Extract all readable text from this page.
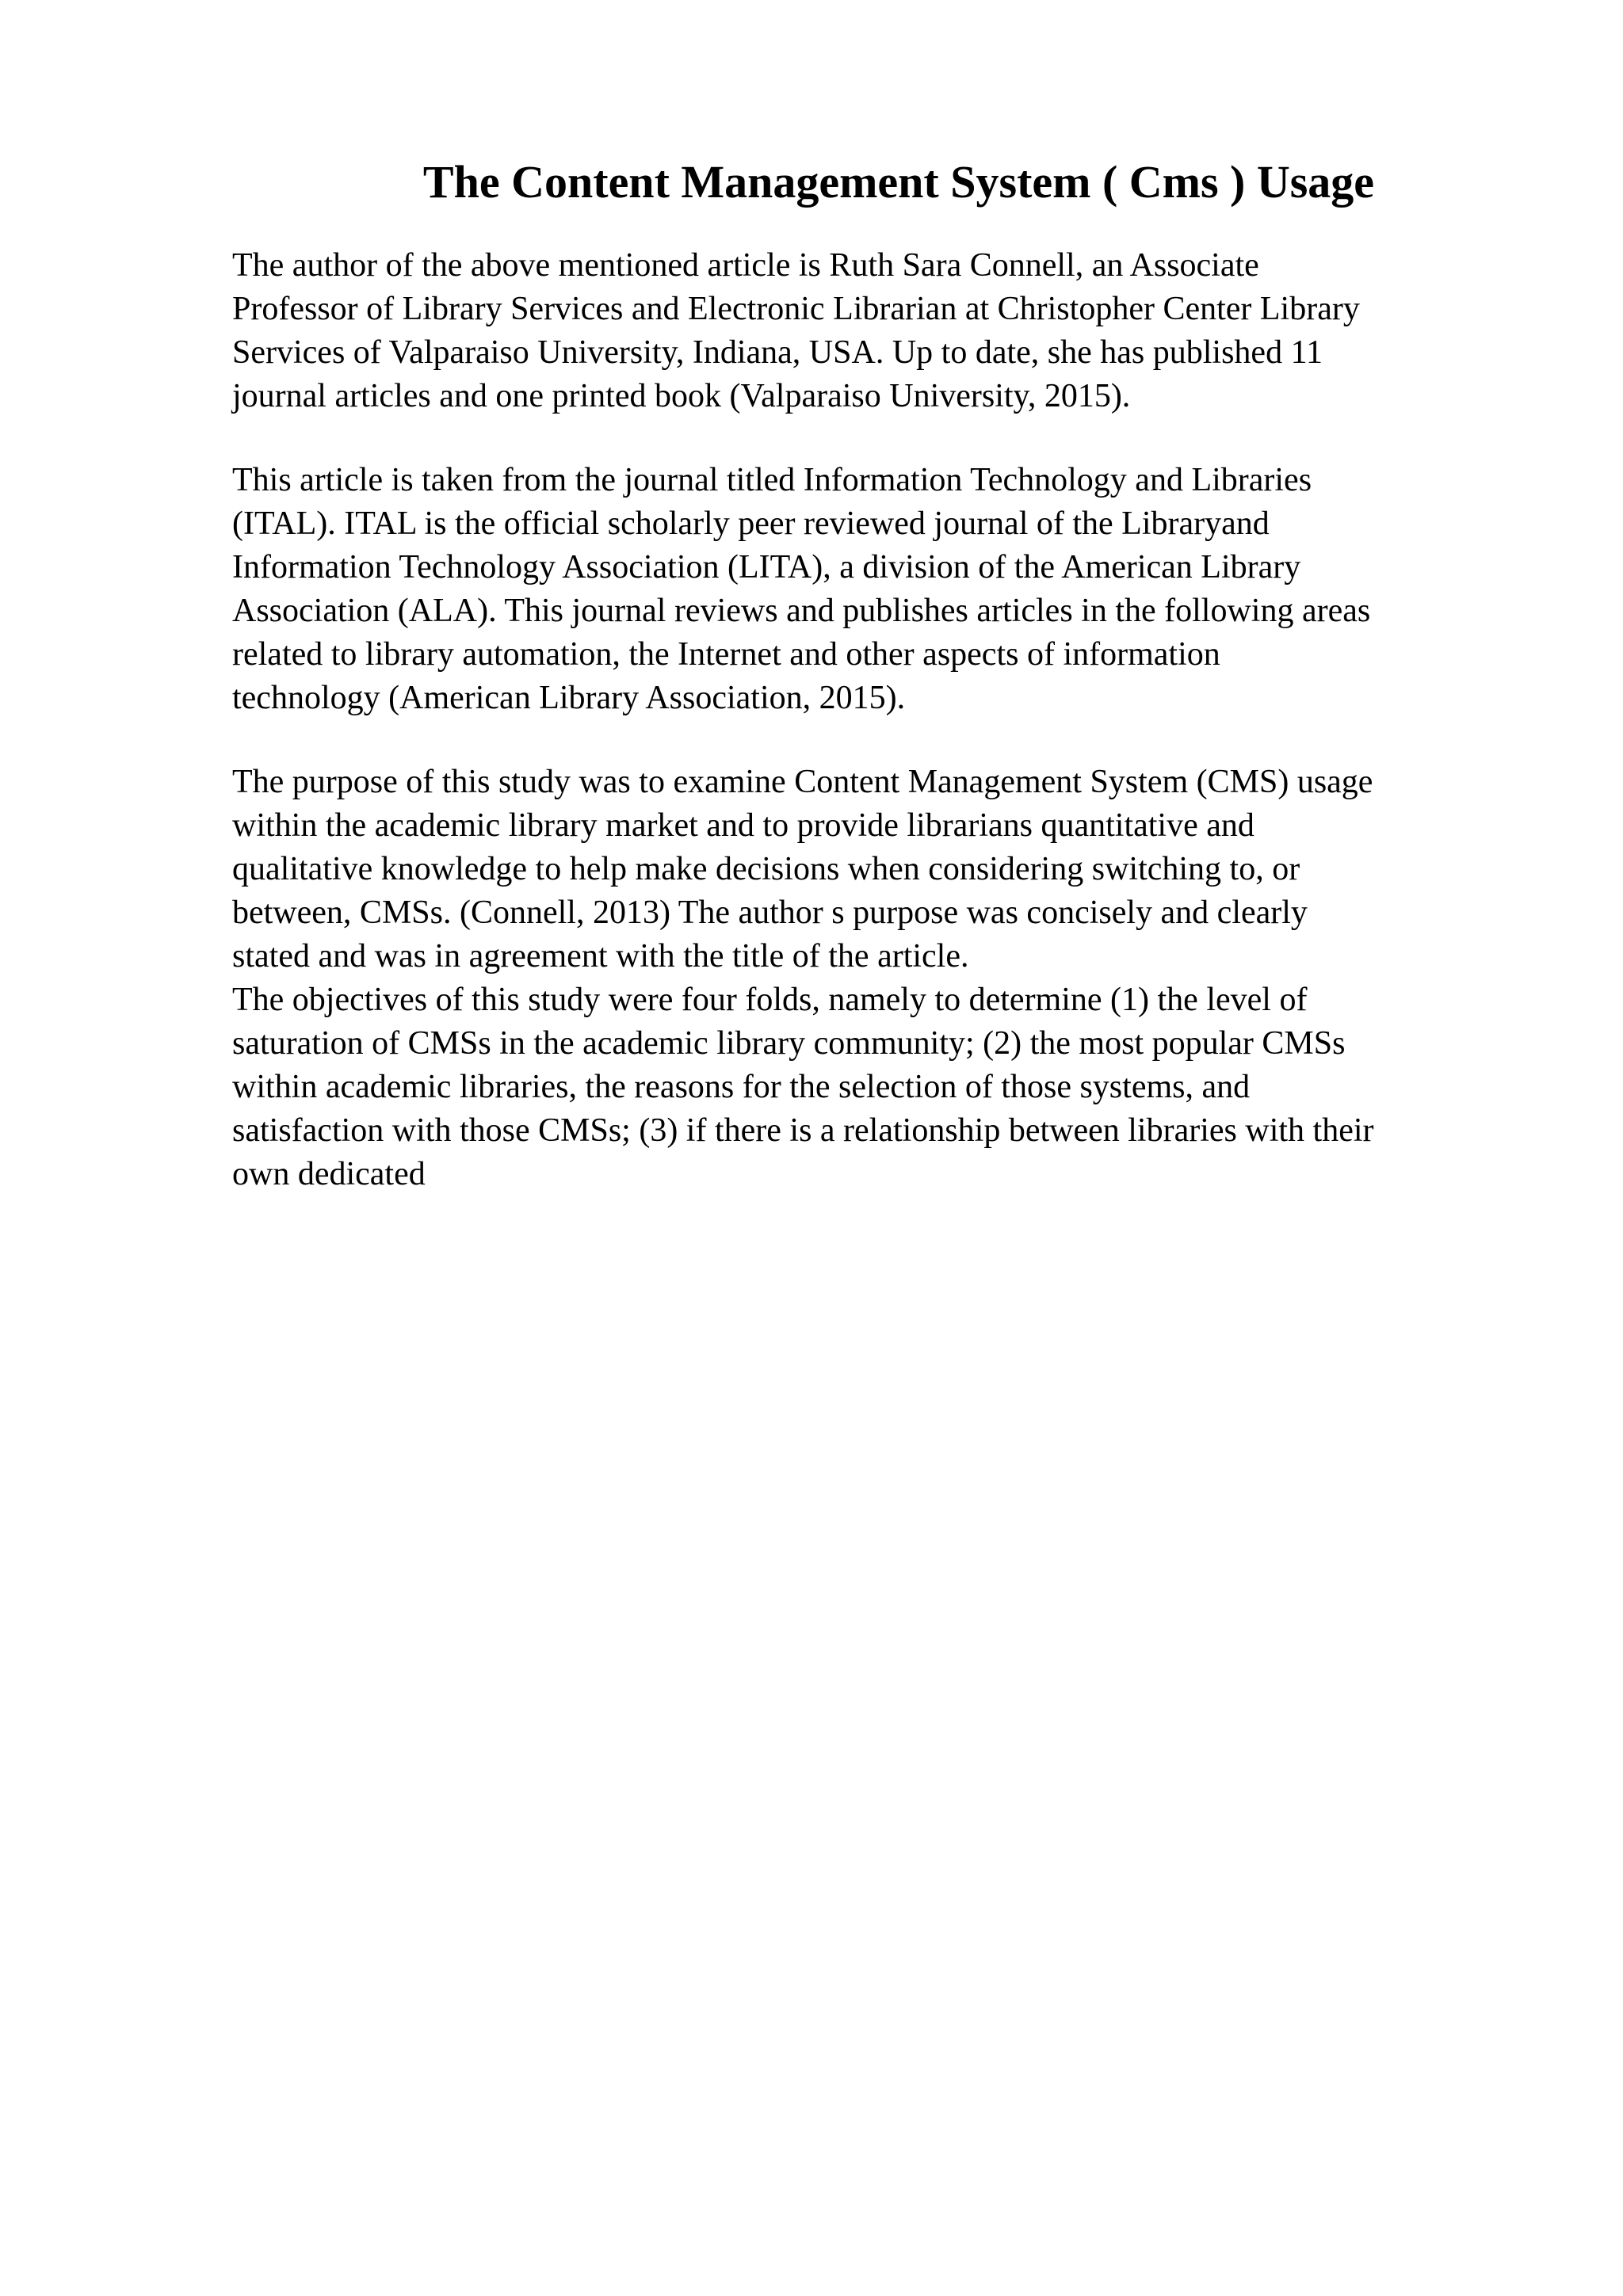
The Content Management System ( Cms ) Usage
The author of the above mentioned article is Ruth Sara Connell, an Associate
Professor of Library Services and Electronic Librarian at Christopher Center Library
Services of Valparaiso University, Indiana, USA. Up to date, she has published 11
journal articles and one printed book (Valparaiso University, 2015).
This article is taken from the journal titled Information Technology and Libraries
(ITAL). ITAL is the official scholarly peer reviewed journal of the Libraryand
Information Technology Association (LITA), a division of the American Library
Association (ALA). This journal reviews and publishes articles in the following areas
related to library automation, the Internet and other aspects of information
technology (American Library Association, 2015).
The purpose of this study was to examine Content Management System (CMS) usage
within the academic library market and to provide librarians quantitative and
qualitative knowledge to help make decisions when considering switching to, or
between, CMSs. (Connell, 2013) The author s purpose was concisely and clearly
stated and was in agreement with the title of the article.
The objectives of this study were four folds, namely to determine (1) the level of
saturation of CMSs in the academic library community; (2) the most popular CMSs
within academic libraries, the reasons for the selection of those systems, and
satisfaction with those CMSs; (3) if there is a relationship between libraries with their
own dedicated
